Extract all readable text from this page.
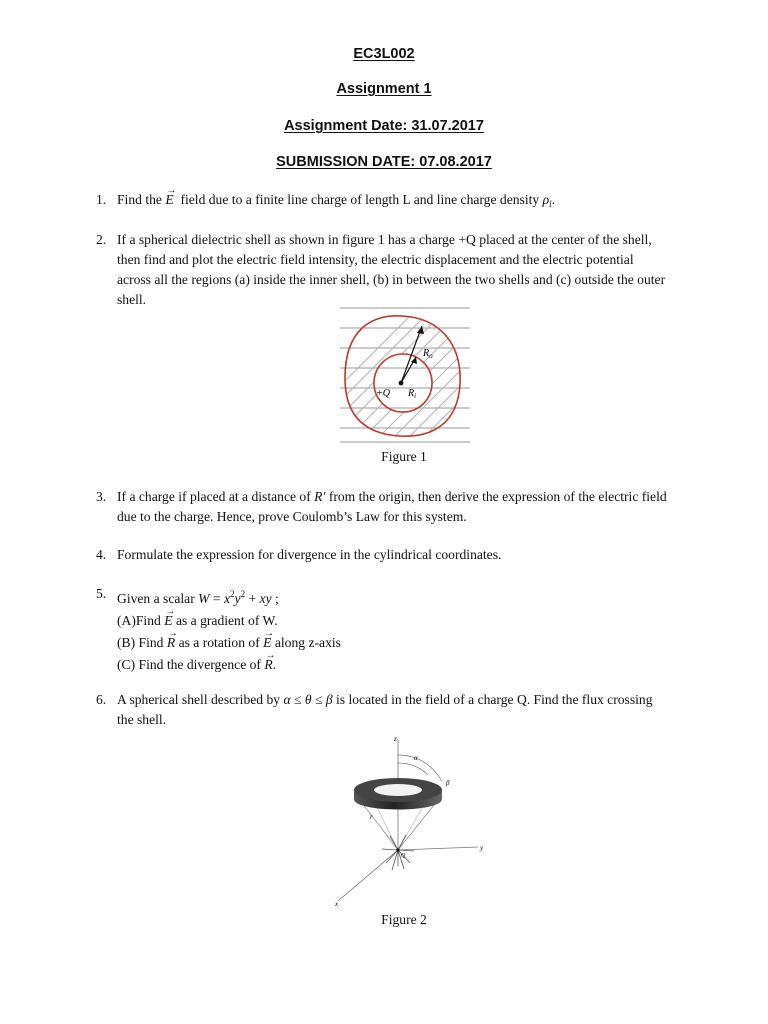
EC3L002
Assignment 1
Assignment Date: 31.07.2017
SUBMISSION DATE: 07.08.2017
1. Find the → E field due to a finite line charge of length L and line charge density $\rho_l$.
2. If a spherical dielectric shell as shown in figure 1 has a charge +Q placed at the center of the shell,
then find and plot the electric field intensity, the electric displacement and the electric potential
across all the regions (a) inside the inner shell, (b) in between the two shells and (c) outside the outer
shell.
+Q $R_i$
$R_o$
Figure 1
3. If a charge if placed at a distance of R′ from the origin, then derive the expression of the electric field
due to the charge. Hence, prove Coulomb’s Law for this system.
4. Formulate the expression for divergence in the cylindrical coordinates.
5. Given a scalar $W = x^2y^2$ + xy ;
(A)Find → E as a gradient of W.
(B) Find → R as a rotation of → E along z-axis
(C) Find the divergence of → R.
6. A spherical shell described by α ≤ θ ≤ β is located in the field of a charge Q. Find the flux crossing
the shell.
z
y
x
α
β
r
Q
Figure 2
